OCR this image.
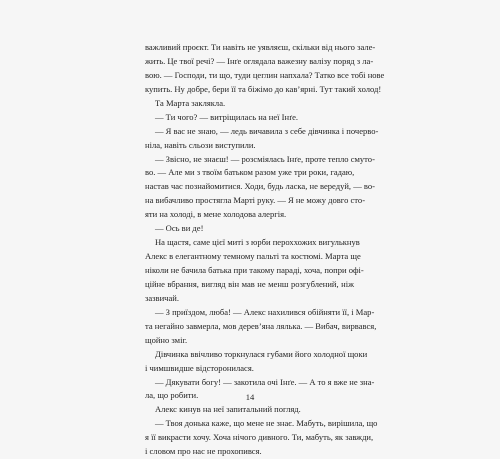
важливий проєкт. Ти навіть не уявляєш, скільки від нього зале-
жить. Це твої речі? — Інґе оглядала важезну валізу поряд з ла-
вою. — Господи, ти що, туди цеглин напхала? Татко все тобі нове
купить. Ну добре, бери її та біжімо до кав’ярні. Тут такий холод!
Та Марта закляклa.
— Ти чого? — витріщилась на неї Інґе.
— Я вас не знаю, — ледь вичавила з себе дівчинка і почерво-
ніла, навіть сльози виступили.
— Звісно, не знаєш! — розсміялась Інґе, проте тепло смуто-
во. — Але ми з твоїм батьком разом уже три роки, гадаю,
настав час познайомитися. Ходи, будь ласка, не вередуй, — во-
на вибачливо простягла Марті руку. — Я не можу довго сто-
яти на холоді, в мене холодова алергія.
— Ось ви де!
На щастя, саме цієї миті з юрби пероххожих вигулькнув
Алекс в елегантному темному пальті та костюмі. Марта ще
ніколи не бачила батька при такому параді, хоча, попри офі-
ційне вбрання, вигляд він мав не менш розгублений, ніж
зазвичай.
— З приїздом, люба! — Алекс нахилився обійняти її, і Мар-
та негайно завмерла, мов дерев’яна лялька. — Вибач, вирвався,
щойно зміг.
Дівчинка ввічливо торкнулася губами його холодної щоки
і чимшвидше відсторонилася.
— Дякувати богу! — закотила очі Інґе. — А то я вже не зна-
ла, що робити.
Алекс кинув на неї запитальний погляд.
— Твоя донька каже, що мене не знає. Мабуть, вирішила, що
я її викрасти хочу. Хоча нічого дивного. Ти, мабуть, як завжди,
і словом про нас не прохопився.
14
